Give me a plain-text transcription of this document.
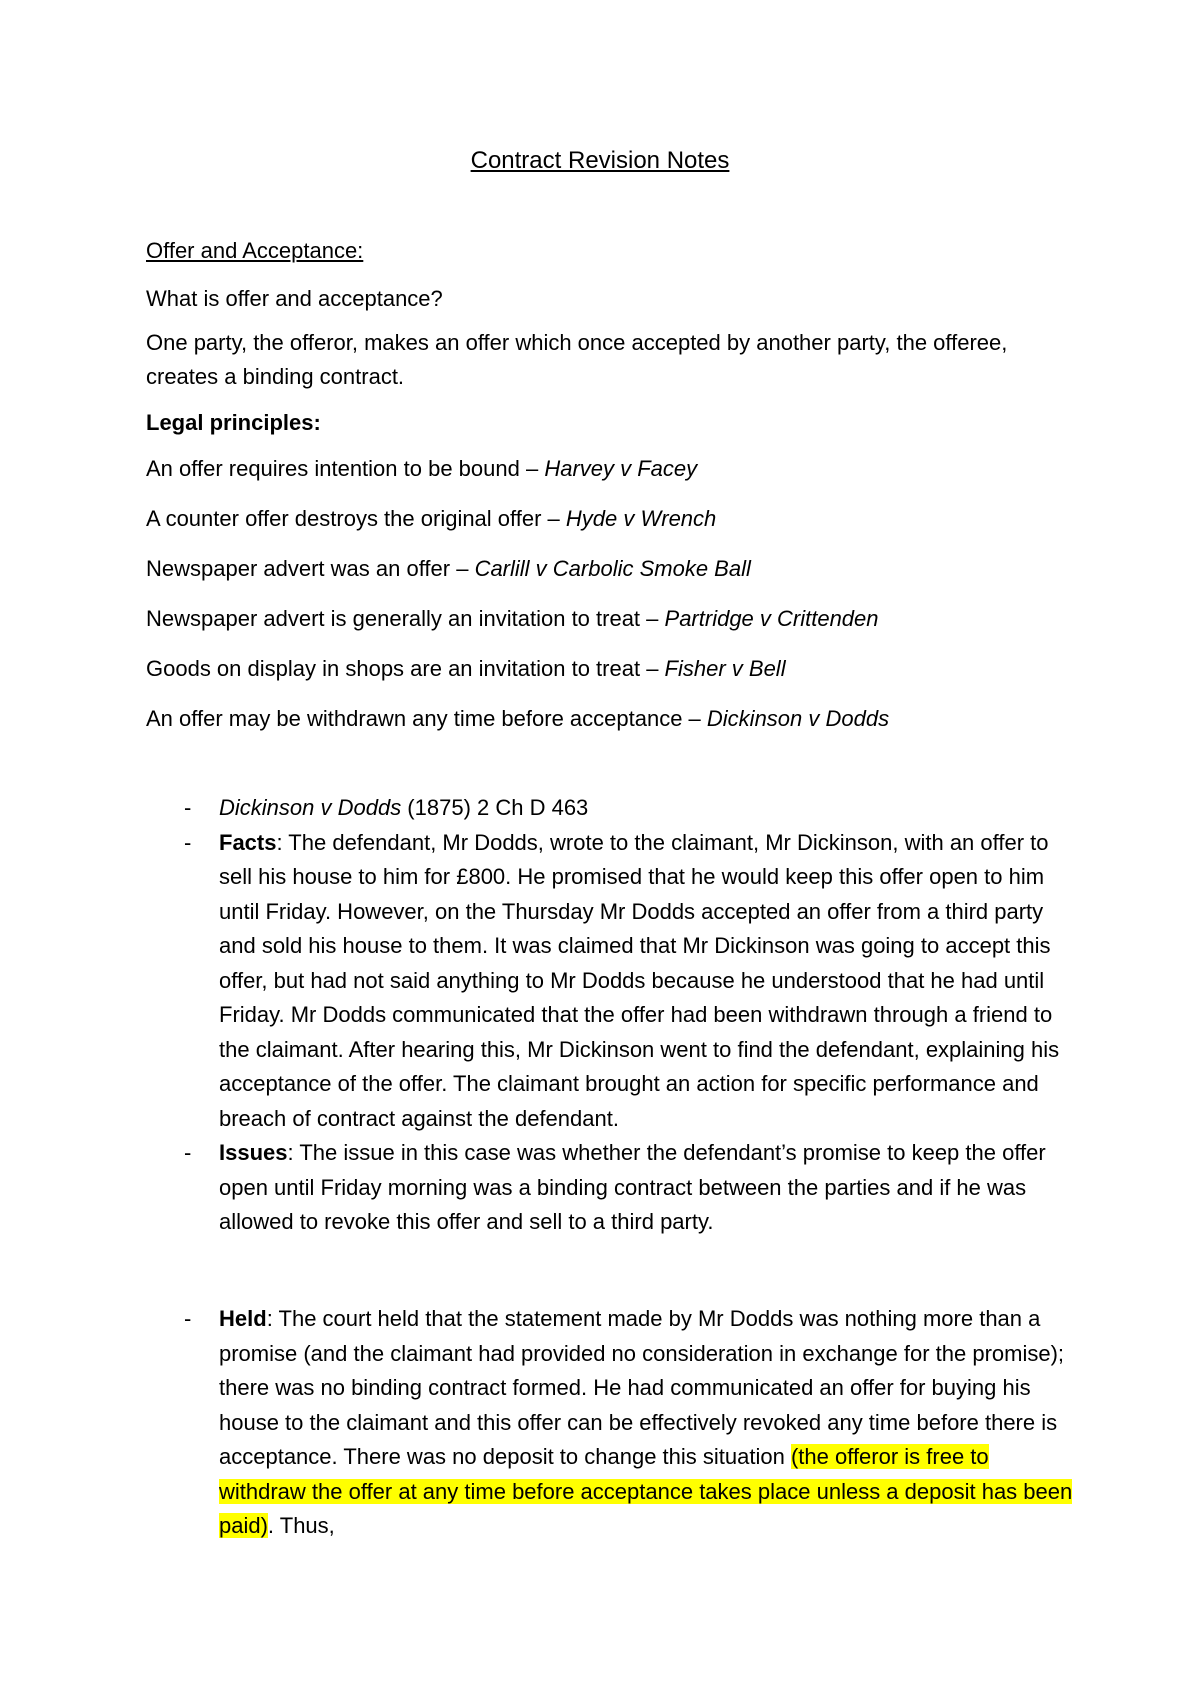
Contract Revision Notes

Offer and Acceptance:

What is offer and acceptance?

One party, the offeror, makes an offer which once accepted by another party, the offeree, creates a binding contract.

Legal principles:

An offer requires intention to be bound – Harvey v Facey

A counter offer destroys the original offer – Hyde v Wrench

Newspaper advert was an offer – Carlill v Carbolic Smoke Ball

Newspaper advert is generally an invitation to treat – Partridge v Crittenden

Goods on display in shops are an invitation to treat – Fisher v Bell

An offer may be withdrawn any time before acceptance – Dickinson v Dodds

- Dickinson v Dodds (1875) 2 Ch D 463
- Facts: The defendant, Mr Dodds, wrote to the claimant, Mr Dickinson, with an offer to sell his house to him for £800. He promised that he would keep this offer open to him until Friday. However, on the Thursday Mr Dodds accepted an offer from a third party and sold his house to them. It was claimed that Mr Dickinson was going to accept this offer, but had not said anything to Mr Dodds because he understood that he had until Friday. Mr Dodds communicated that the offer had been withdrawn through a friend to the claimant. After hearing this, Mr Dickinson went to find the defendant, explaining his acceptance of the offer. The claimant brought an action for specific performance and breach of contract against the defendant.
- Issues: The issue in this case was whether the defendant’s promise to keep the offer open until Friday morning was a binding contract between the parties and if he was allowed to revoke this offer and sell to a third party.
- Held: The court held that the statement made by Mr Dodds was nothing more than a promise (and the claimant had provided no consideration in exchange for the promise); there was no binding contract formed. He had communicated an offer for buying his house to the claimant and this offer can be effectively revoked any time before there is acceptance. There was no deposit to change this situation (the offeror is free to withdraw the offer at any time before acceptance takes place unless a deposit has been paid). Thus,
